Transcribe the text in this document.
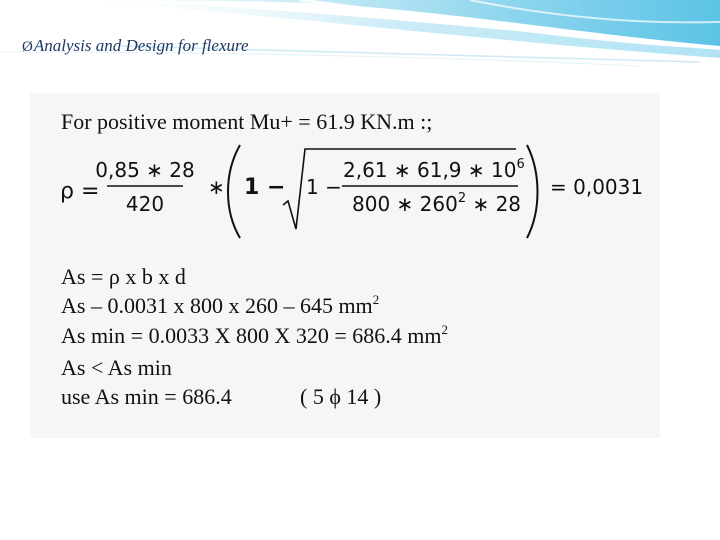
ØAnalysis and Design for flexure
For positive moment Mu+ = 61.9 KN.m :;
ρ =
0,85 ∗ 28
420
∗ 1 − 1 −
2,61 ∗ 61,9 ∗ $10^6$
800 ∗ $260^2$ ∗ 28
= 0,0031
As = ρ x b x d
As – 0.0031 x 800 x 260 – 645 $mm^2$
As min = 0.0033 X 800 X 320 = 686.4 $mm^2$
As < As min
use As min = 686.4	( 5 ϕ 14 )
